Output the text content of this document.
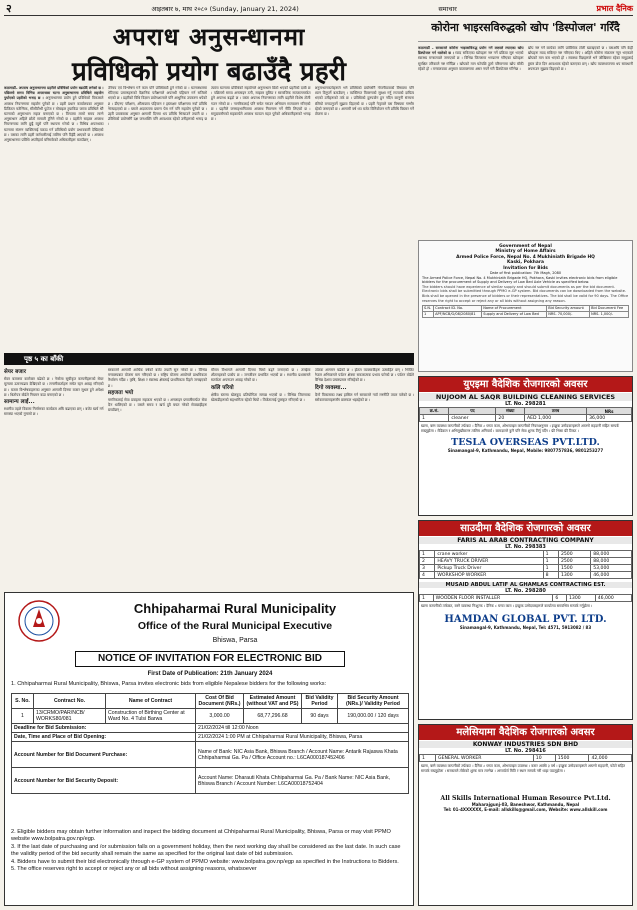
२	आइतबार ७, माघ २०८० (Sunday, January 21, 2024)	समाचार	प्रभात दैनिक
अपराध अनुसन्धानमा
प्रविधिको प्रयोग बढाउँदै प्रहरी
काठमाडौं– अपराध अनुसन्धानमा प्रहरीले प्रविधिको प्रयोग बढाउँदै लगेको छ । पछिल्लो समय विभिन्न अपराधका घटना अनुसन्धानमा प्रविधिले सहयोग पुर्याएको प्रहरीको भनाइ छ । अनुसन्धानमा प्रयोग हुने प्रविधिको विकासले अपराध नियन्त्रणमा सहयोग पुगेको छ । प्रहरी प्रधान कार्यालयका अनुसार डिजिटल फरेन्सिक, सीसीटीभी फुटेज र मोबाइल ट्र्याकिङ जस्ता प्रविधिले धेरै घटनाको अनुसन्धान सहज बनाएको छ । विगतमा लामो समय लाग्ने अनुसन्धान अहिले छोटो समयमै टुंगिने गरेको छ । प्रहरीले साइबर अपराध नियन्त्रणका लागि छुट्टै ब्युरो पनि स्थापना गरेको छ । विभिन्न अपराधका घटनामा संलग्न व्यक्तिलाई पक्राउ गर्न प्रविधिको प्रयोग प्रभावकारी देखिएको छ । यसका लागि प्रहरी कर्मचारीलाई तालिम पनि दिइँदै आएको छ । अपराध अनुसन्धानमा प्रविधि अपरिहार्य बनिसकेको अधिकारीहरू बताउँछन् ।
परिचय एवं विश्लेषण गर्ने काम पनि प्रविधिबाटै हुने गरेको छ । घटनास्थलमा भेटिएका प्रमाणहरूको वैज्ञानिक परीक्षणले अपराधी पहिचान गर्न सजिलो भएको छ । प्रहरीको विधि विज्ञान प्रयोगशालाले पनि आधुनिक उपकरण थपेको छ । डीएनए परीक्षण, औंलाछाप पहिचान र हस्ताक्षर परीक्षणमा नयाँ प्रविधि भित्र्याइएको छ । यसले अदालतमा प्रमाण पेस गर्न पनि सहयोग पुगेको छ । प्रहरी प्रवक्ताका अनुसार आगामी दिनमा थप प्रविधि भित्र्याउने तयारी छ । प्रविधिको प्रयोगसँगै दक्ष जनशक्ति पनि आवश्यक रहेको उनीहरूको भनाइ छ ।
त्यस्ता घटनामा प्रविधिको सहयोगले अनुसन्धान छिटो भएको प्रहरीको दाबी छ । पछिल्लो समय अनलाइन ठगी, साइबर बुलिङ र सामाजिक सञ्जालमार्फत हुने अपराध बढ्दो छ । यस्ता अपराध नियन्त्रणका लागि प्रहरीले विशेष टोली गठन गरेको छ । नागरिकलाई पनि सचेत गराउन अभियान सञ्चालन गरिएको छ । प्रहरीले जनसहभागितामा अपराध नियन्त्रण गर्ने नीति लिएको छ । समुदायसँगको सहकार्यले अपराध घटाउन मद्दत पुगेको अधिकारीहरूको भनाइ छ ।
अनुसन्धानकर्ताहरूले भने प्रविधिको प्रयोगसँगै गोपनीयताको विषयमा पनि ध्यान दिनुपर्ने बताउँछन् । व्यक्तिगत विवरणको सुरक्षा गर्नु राज्यको दायित्व भएको उनीहरूको तर्क छ । प्रविधिको दुरुपयोग हुन नदिन कानुनी संरचना बलियो बनाउनुपर्ने सुझाव दिइएको छ । प्रहरी नेतृत्वले यस विषयमा गम्भीर रहेको जनाएको छ । आगामी वर्ष थप बजेट विनियोजन गरी प्रविधि विस्तार गर्ने योजना छ ।
कोरोना भाइरसविरुद्धको खोप 'डिस्पोजल' गरिँदै
काठमाडौं – सरकारले कोरोना भाइरसविरुद्ध प्रयोग गर्ने लक्ष्यले ल्याएका खोप डिस्पोजल गर्न थालेको छ । म्याद सकिएका खोपहरू नष्ट गर्ने प्रक्रिया सुरु भएको स्वास्थ्य मन्त्रालयले जनाएको छ । विभिन्न जिल्लामा भण्डारण गरिएका खोपहरू सुरक्षित तरिकाले नष्ट गरिँदैछ । खोपको माग घटेपछि ठूलो परिमाणमा खोप बाँकी रहेको हो । मन्त्रालयका अनुसार वातावरणमा असर नपर्ने गरी डिस्पोजल गरिनेछ ।
खोप नष्ट गर्ने कार्यका लागि प्राविधिक टोली खटाइएको छ । यसअघि पनि केही खोपहरू म्याद सकिएर नष्ट गरिएका थिए । अहिले कोरोना संक्रमण न्यून भएकाले खोपको माग कम भएको हो । स्वास्थ्य विज्ञहरूले भने जोखिममा रहेका समूहलाई बुस्टर डोज दिन आवश्यक रहेको बताएका छन् । खोप व्यवस्थापनमा थप सावधानी अपनाउन सुझाव दिइएको छ ।
Government of Nepal
Ministry of Home Affairs
Armed Police Force, Nepal No. 4 Mukhiniath Brigade HQ
Kaski, Pokhara
Invitation for Bids
Date of first publication: 7th Magh, 2080
The Armed Police Force, Nepal No. 4 Mukhiniath Brigade HQ, Pokhara, Kaski invites electronic bids from eligible bidders for the procurement of Supply and Delivery of Low Bed Axle Vehicle as specified below.
The bidders should have experience of similar supply and should submit documents as per the bid document. Electronic bids shall be submitted through PPMO e-GP system. Bid documents can be downloaded from the website. Bids shall be opened in the presence of bidders or their representatives. The bid shall be valid for 90 days. The Office reserves the right to accept or reject any or all bids without assigning any reason.
S.N.	Contract ID. No.	Name of Procurement	Bid Security amount	Bid Document Fee
1	APF/NCB/G/08/2080/81	Supply and Delivery of Low Bed	NRS. 70,000/-	NRS. 1,000/-
पृष्ठ ५ का बाँकी
सेयर बजार
सेयर बजारमा कारोबार बढेको छ । नेप्सेमा सूचीकृत कम्पनीहरूको सेयर मूल्यमा उतारचढाव देखिएको छ । लगानीकर्ताहरू सचेत रहन आग्रह गरिएको छ । बजार विश्लेषकहरूका अनुसार आगामी दिनमा बजार सुधार हुने अपेक्षा छ । धितोपत्र बोर्डले नियमन कडा बनाएको छ ।
सामान्य लाई...
स्थानीय तहले विकास निर्माणका कार्यक्रम अघि बढाएका छन् । बजेट खर्च गर्न समस्या भएको गुनासो छ ।
सरकारले आगामी आर्थिक वर्षको बजेट तयारी सुरु गरेको छ । विभिन्न मन्त्रालयबाट योजना माग गरिएको छ । राष्ट्रिय योजना आयोगले प्राथमिकता निर्धारण गर्दैछ । कृषि, शिक्षा र स्वास्थ्य क्षेत्रलाई प्राथमिकता दिइने जनाइएको छ ।
सहजता भयो
नागरिकलाई सेवा प्रवाहमा सहजता भएको छ । अनलाइन प्रणालीमार्फत सेवा दिन थालिएको छ । यसले समय र खर्च दुवै बचत गरेको सेवाग्राहीहरू बताउँछन् ।
मौसम विभागले आगामी दिनमा चिसो बढ्ने जनाएको छ । तराईमा शीतलहरको प्रकोप छ । जनजीवन प्रभावित भएको छ । स्थानीय प्रशासनले सतर्कता अपनाउन आग्रह गरेको छ ।
कलि परियो
क्षेत्रीय स्तरमा खेलकुद प्रतियोगिता सम्पन्न भएको छ । विभिन्न जिल्लाका खेलाडीहरूको सहभागिता रहेको थियो । विजेतालाई पुरस्कृत गरिएको छ ।
पर्यटक आगमन बढेको छ । होटल व्यवसायीहरू उत्साहित छन् । भिजिट नेपाल अभियानले पर्यटन क्षेत्रमा सकारात्मक प्रभाव पारेको छ । पर्यटन बोर्डले विभिन्न देशमा प्रचारप्रसार गरिरहेको छ ।
दिगो व्यवस्था...
दिगो विकासका लक्ष्य हासिल गर्न सरकारले नयाँ रणनीति तयार पारेको छ । सरोकारवालाहरूसँग छलफल भइरहेको छ ।
युएइमा वैदेशिक रोजगारको अवसर
NUJOOM AL SAQR BUILDING CLEANING SERVICES
LT. No. 298281
क्र.सं.	पद	संख्या	तलब	NRs
1	cleaner	20	AED 1,000	36,000
खाना, बस्न व्यवस्था कम्पनीको तर्फबाट । दैनिक ८ घण्टा काम, ओभरटाइम कम्पनीको नियमअनुसार । इच्छुक उम्मेदवारहरूले आफ्नो राहदानी सहित सम्पर्क राख्नुहोला । मेडिकल र अभिमुखीकरण तालिम अनिवार्य । कामदारले कुनै पनि सेवा शुल्क तिर्नु पर्दैन । फ्री भिसा फ्री टिकट ।
TESLA OVERSEAS PVT.LTD.
Sinamangal-9, Kathmandu, Nepal, Mobile: 9807757836, 9801253277
साउदीमा वैदेशिक रोजगारको अवसर
FARIS AL ARAB CONTRACTING COMPANY
LT. No. 298383
1	crane worker	1	2500	88,000
2	HEAVY TRUCK DRIVER	1	2500	88,000
3	Pickup Truck Driver	1	1500	53,000
4	WORKSHOP WORKER	8	1300	46,000
MUSAID ABDUL LATIF AL GHAMLAS CONTRACTING EST.
LT. No. 298280
1	WOODEN FLOOR INSTALLER	6	1300	46,000
खाना कम्पनीको तर्फबाट, बस्ने व्यवस्था निःशुल्क । दैनिक ८ घण्टा काम । इच्छुक उम्मेदवारहरूले कार्यालय समयभित्र सम्पर्क गर्नुहोला ।
HAMDAN GLOBAL PVT. LTD.
Sinamangal-9, Kathmandu, Nepal, Tel: 4571, 5913082 / 83
मलेसियामा वैदेशिक रोजगारको अवसर
KONWAY INDUSTRIES SDN BHD
LT. No. 298416
1	GENERAL WORKER	10	1500	42,000
खाना, बस्ने व्यवस्था कम्पनीको तर्फबाट । दैनिक ८ घण्टा काम, ओभरटाइम उपलब्ध । करार अवधि ३ वर्ष । इच्छुक उम्मेदवारहरूले आफ्नो राहदानी, फोटो सहित सम्पर्क राख्नुहोला । सरकारले तोकेको शुल्क मात्र लाग्नेछ । अन्तर्वार्ता मिति र स्थान सम्पर्क गरी थाहा पाउनुहोला ।
All Skills International Human Resource Pvt.Ltd.
Maharajgunj-03, Baneshwor, Kathmandu, Nepal
Tel: 01-4XXXXXX, E-mail: allskills@gmail.com, Website: www.allskill.com
Chhipaharmai Rural Municipality
Office of the Rural Municipal Executive
Bhiswa, Parsa
NOTICE OF INVITATION FOR ELECTRONIC BID
First Date of Publication: 21th January 2024
1. Chhipaharmai Rural Municipality, Bhiswa, Parsa invites electronic bids from eligible Nepalese bidders for the following works:
S. No.	Contract No.	Name of Contract	Cost Of Bid Document (NRs.)	Estimated Amount (without VAT and PS)	Bid Validity Period	Bid Security Amount (NRs.)/ Validity Period
1	13/CRMO/PAR/NCB/ WORKS80/081	Construction of Birthing Center at Ward No. 4 Tulsi Barwa	3,000.00	68,77,296.68	90 days	190,000.00 / 120 days
Deadline for Bid Submission:			21/02/2024 till 12:00 Noon			
Date, Time and Place of Bid Opening:			21/02/2024 1:00 PM at Chhipaharmai Rural Municipality, Bhiswa, Parsa			
Account Number for Bid Document Purchase:			Name of Bank: NIC Asia Bank, Bhiswa Branch / Account Name: Antarik Rajaswa Khata Chhipaharmai Ga. Pa / Office Account no.: L6CA000187452406			
Account Number for Bid Security Deposit:			Account Name: Dharauti Khata Chhipaharmai Ga. Pa / Bank Name: NIC Asia Bank, Bhiswa Branch / Account Number: L6CA00018752404			
2. Eligible bidders may obtain further information and inspect the bidding document at Chhipaharmai Rural Municipality, Bhiswa, Parsa or may visit PPMO website www.bolpatra.gov.np/egp.
3. If the last date of purchasing and /or submission falls on a government holiday, then the next working day shall be considered as the last date. In such case the validity period of the bid security shall remain the same as specified for the original last date of bid submission.
4. Bidders have to submit their bid electronically through e-GP system of PPMO website: www.bolpatra.gov.np/egp as specified in the Instructions to Bidders.
5. The office reserves right to accept or reject any or all bids without assigning reasons, whatsoever
